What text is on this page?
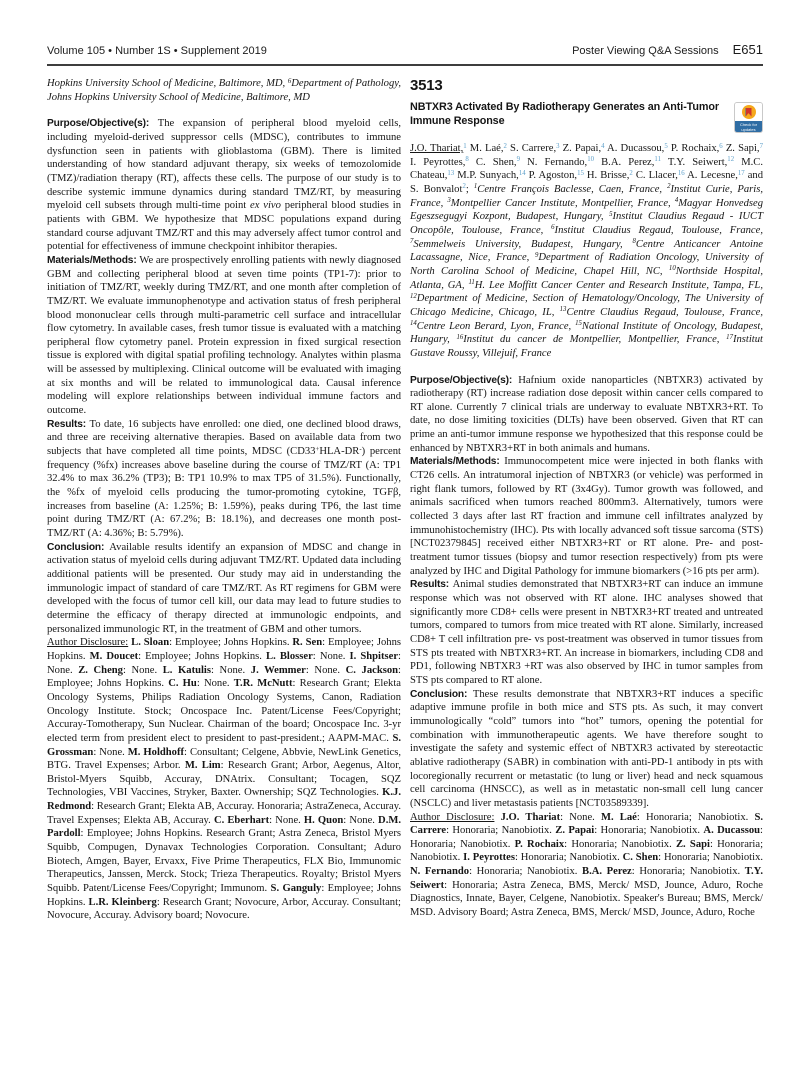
Volume 105 • Number 1S • Supplement 2019	Poster Viewing Q&A Sessions E651

Hopkins University School of Medicine, Baltimore, MD, $^6$Department of Pathology, Johns Hopkins University School of Medicine, Baltimore, MD

Purpose/Objective(s): The expansion of peripheral blood myeloid cells, including myeloid-derived suppressor cells (MDSC), contributes to immune dysfunction seen in patients with glioblastoma (GBM). There is limited understanding of how standard adjuvant therapy, six weeks of temozolomide (TMZ)/radiation therapy (RT), affects these cells. The purpose of our study is to describe systemic immune dynamics during standard TMZ/RT, by measuring myeloid cell subsets through multi-time point ex vivo peripheral blood studies in patients with GBM. We hypothesize that MDSC populations expand during standard course adjuvant TMZ/RT and this may adversely affect tumor control and potential for effectiveness of immune checkpoint inhibitor therapies.

Materials/Methods: We are prospectively enrolling patients with newly diagnosed GBM and collecting peripheral blood at seven time points (TP1-7): prior to initiation of TMZ/RT, weekly during TMZ/RT, and one month after completion of TMZ/RT. We evaluate immunophenotype and activation status of fresh peripheral blood mononuclear cells through multi-parametric cell surface and intracellular flow cytometry. In available cases, fresh tumor tissue is evaluated with a matching peripheral flow cytometry panel. Protein expression in fixed surgical resection tissue is explored with digital spatial profiling technology. Analytes within plasma will be assessed by multiplexing. Clinical outcome will be evaluated with imaging at six months and will be related to immunological data. Causal inference modeling will explore relationships between individual immune factors and outcome.

Results: To date, 16 subjects have enrolled: one died, one declined blood draws, and three are receiving alternative therapies. Based on available data from two subjects that have completed all time points, MDSC (CD33+HLA-DR-) percent frequency (%fx) increases above baseline during the course of TMZ/RT (A: TP1 32.4% to max 36.2% (TP3); B: TP1 10.9% to max TP5 of 31.5%). Functionally, the %fx of myeloid cells producing the tumor-promoting cytokine, TGFβ, increases from baseline (A: 1.25%; B: 1.59%), peaks during TP6, the last time point during TMZ/RT (A: 67.2%; B: 18.1%), and decreases one month post-TMZ/RT (A: 4.36%; B: 5.79%).

Conclusion: Available results identify an expansion of MDSC and change in activation status of myeloid cells during adjuvant TMZ/RT. Updated data including additional patients will be presented. Our study may aid in understanding the immunologic impact of standard of care TMZ/RT. As RT regimens for GBM were developed with the focus of tumor cell kill, our data may lead to future studies to determine the efficacy of therapy directed at immunologic endpoints, and personalized immunologic RT, in the treatment of GBM and other tumors.

Author Disclosure: L. Sloan: Employee; Johns Hopkins. R. Sen: Employee; Johns Hopkins. M. Doucet: Employee; Johns Hopkins. L. Blosser: None. I. Shpitser: None. Z. Cheng: None. L. Katulis: None. J. Wemmer: None. C. Jackson: Employee; Johns Hopkins. C. Hu: None. T.R. McNutt: Research Grant; Elekta Oncology Systems, Philips Radiation Oncology Systems, Canon, Radiation Oncology Institute. Stock; Oncospace Inc. Patent/License Fees/Copyright; Accuray-Tomotherapy, Sun Nuclear. Chairman of the board; Oncospace Inc. 3-yr elected term from president elect to president to past-president.; AAPM-MAC. S. Grossman: None. M. Holdhoff: Consultant; Celgene, Abbvie, NewLink Genetics, BTG. Travel Expenses; Arbor. M. Lim: Research Grant; Arbor, Aegenus, Altor, Bristol-Myers Squibb, Accuray, DNAtrix. Consultant; Tocagen, SQZ Technologies, VBI Vaccines, Stryker, Baxter. Ownership; SQZ Technologies. K.J. Redmond: Research Grant; Elekta AB, Accuray. Honoraria; AstraZeneca, Accuray. Travel Expenses; Elekta AB, Accuray. C. Eberhart: None. H. Quon: None. D.M. Pardoll: Employee; Johns Hopkins. Research Grant; Astra Zeneca, Bristol Myers Squibb, Compugen, Dynavax Technologies Corporation. Consultant; Aduro Biotech, Amgen, Bayer, Ervaxx, Five Prime Therapeutics, FLX Bio, Immunomic Therapeutics, Janssen, Merck. Stock; Trieza Therapeutics. Royalty; Bristol Myers Squibb. Patent/License Fees/Copyright; Immunom. S. Ganguly: Employee; Johns Hopkins. L.R. Kleinberg: Research Grant; Novocure, Arbor, Accuray. Consultant; Novocure, Accuray. Advisory board; Novocure.

3513
NBTXR3 Activated By Radiotherapy Generates an Anti-Tumor Immune Response	Check for updates

J.O. Thariat,$^1$ M. Laé,$^2$ S. Carrere,$^3$ Z. Papai,$^4$ A. Ducassou,$^5$ P. Rochaix,$^6$ Z. Sapi,$^7$ I. Peyrottes,$^8$ C. Shen,$^9$ N. Fernando,$^{10}$ B.A. Perez,$^{11}$ T.Y. Seiwert,$^{12}$ M.C. Chateau,$^{13}$ M.P. Sunyach,$^{14}$ P. Agoston,$^{15}$ H. Brisse,$^2$ C. Llacer,$^{16}$ A. Lecesne,$^{17}$ and S. Bonvalot$^2$; $^1$Centre François Baclesse, Caen, France, $^2$Institut Curie, Paris, France, $^3$Montpellier Cancer Institute, Montpellier, France, $^4$Magyar Honvedseg Egeszsegugyi Kozpont, Budapest, Hungary, $^5$Institut Claudius Regaud - IUCT Oncopôle, Toulouse, France, $^6$Institut Claudius Regaud, Toulouse, France, $^7$Semmelweis University, Budapest, Hungary, $^8$Centre Anticancer Antoine Lacassagne, Nice, France, $^9$Department of Radiation Oncology, University of North Carolina School of Medicine, Chapel Hill, NC, $^{10}$Northside Hospital, Atlanta, GA, $^{11}$H. Lee Moffitt Cancer Center and Research Institute, Tampa, FL, $^{12}$Department of Medicine, Section of Hematology/Oncology, The University of Chicago Medicine, Chicago, IL, $^{13}$Centre Claudius Regaud, Toulouse, France, $^{14}$Centre Leon Berard, Lyon, France, $^{15}$National Institute of Oncology, Budapest, Hungary, $^{16}$Institut du cancer de Montpellier, Montpellier, France, $^{17}$Institut Gustave Roussy, Villejuif, France

Purpose/Objective(s): Hafnium oxide nanoparticles (NBTXR3) activated by radiotherapy (RT) increase radiation dose deposit within cancer cells compared to RT alone. Currently 7 clinical trials are underway to evaluate NBTXR3+RT. To date, no dose limiting toxicities (DLTs) have been observed. Given that RT can prime an anti-tumor immune response we hypothesized that this response could be enhanced by NBTXR3+RT in both animals and humans.

Materials/Methods: Immunocompetent mice were injected in both flanks with CT26 cells. An intratumoral injection of NBTXR3 (or vehicle) was performed in right flank tumors, followed by RT (3x4Gy). Tumor growth was followed, and animals sacrificed when tumors reached 800mm3. Alternatively, tumors were collected 3 days after last RT fraction and immune cell infiltrates analyzed by immunohistochemistry (IHC). Pts with locally advanced soft tissue sarcoma (STS) [NCT02379845] received either NBTXR3+RT or RT alone. Pre- and post-treatment tumor tissues (biopsy and tumor resection respectively) from pts were analyzed by IHC and Digital Pathology for immune biomarkers (>16 pts per arm).

Results: Animal studies demonstrated that NBTXR3+RT can induce an immune response which was not observed with RT alone. IHC analyses showed that significantly more CD8+ cells were present in NBTXR3+RT treated and untreated tumors, compared to tumors from mice treated with RT alone. Similarly, increased CD8+ T cell infiltration pre- vs post-treatment was observed in tumor tissues from STS pts treated with NBTXR3+RT. An increase in biomarkers, including CD8 and PD1, following NBTXR3 +RT was also observed by IHC in tumor samples from STS pts compared to RT alone.

Conclusion: These results demonstrate that NBTXR3+RT induces a specific adaptive immune profile in both mice and STS pts. As such, it may convert immunologically “cold” tumors into “hot” tumors, opening the potential for combination with immunotherapeutic agents. We have therefore sought to investigate the safety and systemic effect of NBTXR3 activated by stereotactic ablative radiotherapy (SABR) in combination with anti-PD-1 antibody in pts with locoregionally recurrent or metastatic (to lung or liver) head and neck squamous cell carcinoma (HNSCC), as well as in metastatic non-small cell lung cancer (NSCLC) and liver metastasis patients [NCT03589339].

Author Disclosure: J.O. Thariat: None. M. Laé: Honoraria; Nanobiotix. S. Carrere: Honoraria; Nanobiotix. Z. Papai: Honoraria; Nanobiotix. A. Ducassou: Honoraria; Nanobiotix. P. Rochaix: Honoraria; Nanobiotix. Z. Sapi: Honoraria; Nanobiotix. I. Peyrottes: Honoraria; Nanobiotix. C. Shen: Honoraria; Nanobiotix. N. Fernando: Honoraria; Nanobiotix. B.A. Perez: Honoraria; Nanobiotix. T.Y. Seiwert: Honoraria; Astra Zeneca, BMS, Merck/ MSD, Jounce, Aduro, Roche Diagnostics, Innate, Bayer, Celgene, Nanobiotix. Speaker's Bureau; BMS, Merck/ MSD. Advisory Board; Astra Zeneca, BMS, Merck/ MSD, Jounce, Aduro, Roche
